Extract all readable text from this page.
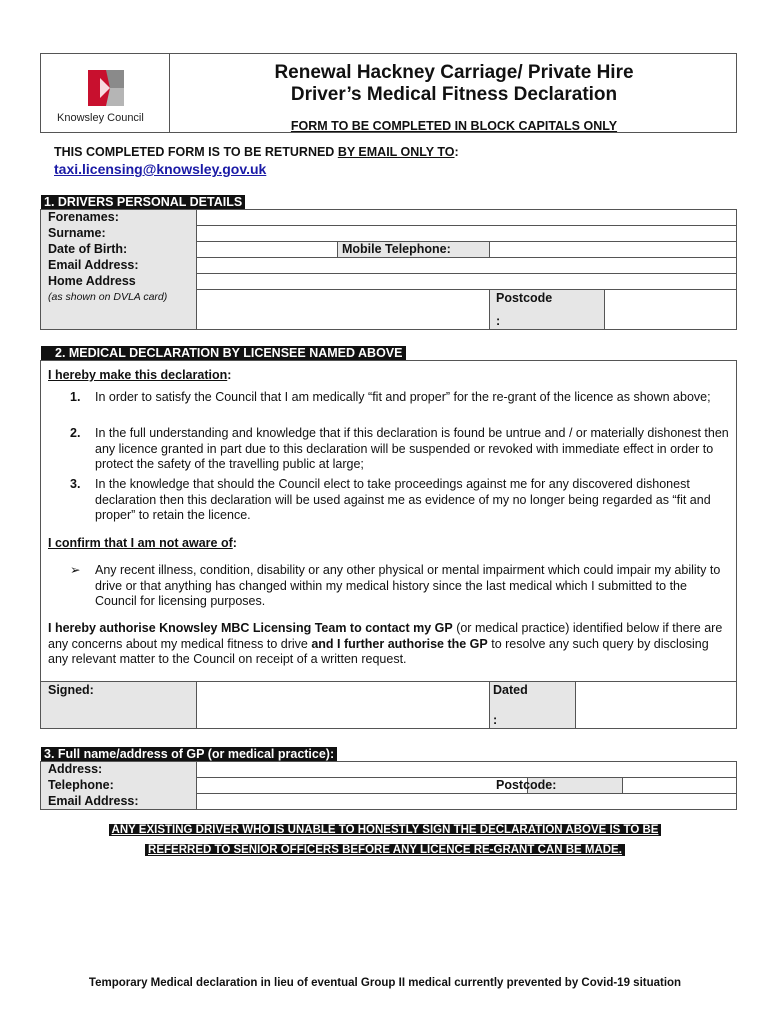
Knowsley Council
Renewal Hackney Carriage/ Private Hire
Driver’s Medical Fitness Declaration
FORM TO BE COMPLETED IN BLOCK CAPITALS ONLY
THIS COMPLETED FORM IS TO BE RETURNED BY EMAIL ONLY TO:
taxi.licensing@knowsley.gov.uk
1. DRIVERS PERSONAL DETAILS
Forenames:
Surname:
Date of Birth:	Mobile Telephone:
Email Address:
Home Address
(as shown on DVLA card)	Postcode
:
2. MEDICAL DECLARATION BY LICENSEE NAMED ABOVE
I hereby make this declaration:
1. In order to satisfy the Council that I am medically “fit and proper” for the re-grant of the licence as shown above;
2. In the full understanding and knowledge that if this declaration is found be untrue and / or materially dishonest then any licence granted in part due to this declaration will be suspended or revoked with immediate effect in order to protect the safety of the travelling public at large;
3. In the knowledge that should the Council elect to take proceedings against me for any discovered dishonest declaration then this declaration will be used against me as evidence of my no longer being regarded as “fit and proper” to retain the licence.
I confirm that I am not aware of:
➢ Any recent illness, condition, disability or any other physical or mental impairment which could impair my ability to drive or that anything has changed within my medical history since the last medical which I submitted to the Council for licensing purposes.
I hereby authorise Knowsley MBC Licensing Team to contact my GP (or medical practice) identified below if there are any concerns about my medical fitness to drive and I further authorise the GP to resolve any such query by disclosing any relevant matter to the Council on receipt of a written request.
Signed:	Dated
:
3. Full name/address of GP (or medical practice):
Address:
Telephone:	Postcode:
Email Address:
ANY EXISTING DRIVER WHO IS UNABLE TO HONESTLY SIGN THE DECLARATION ABOVE IS TO BE
REFERRED TO SENIOR OFFICERS BEFORE ANY LICENCE RE-GRANT CAN BE MADE.
Temporary Medical declaration in lieu of eventual Group II medical currently prevented by Covid-19 situation
